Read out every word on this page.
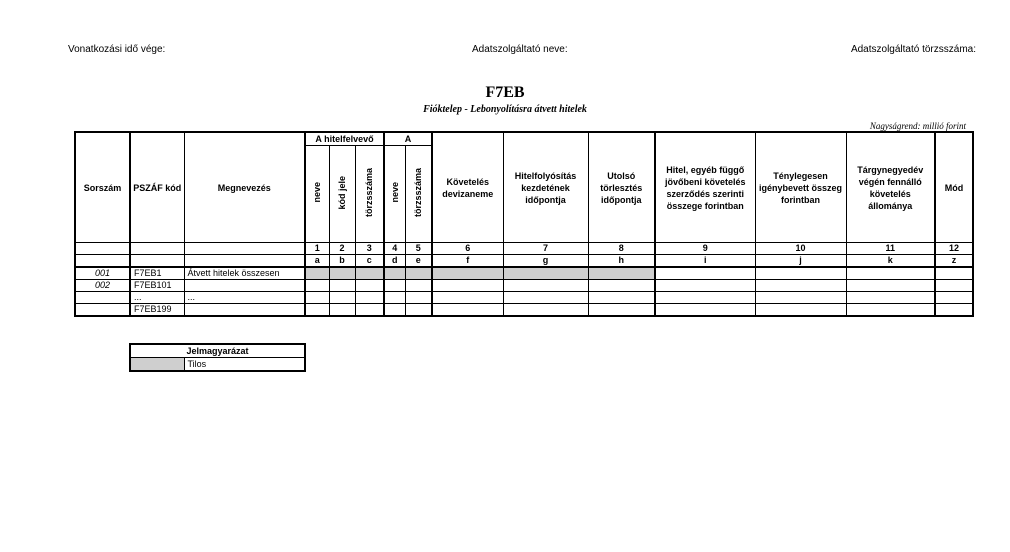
Vonatkozási idő vége:	Adatszolgáltató neve:	Adatszolgáltató törzsszáma:
F7EB
Fióktelep - Lebonyolításra átvett hitelek
Nagyságrend: millió forint
Sorszám	PSZÁF kód	Megnevezés	A hitelfelvevő			A		Követelés devizaneme	Hitelfolyósítás kezdetének időpontja	Utolsó törlesztés időpontja	Hitel, egyéb függő jövőbeni követelés szerződés szerinti összege forintban	Ténylegesen igénybevett összeg forintban	Tárgynegyedév végén fennálló követelés állománya	Mód
			neve	kód jele	törzsszáma	neve	törzsszáma							
			1	2	3	4	5	6	7	8	9	10	11	12
			a	b	c	d	e	f	g	h	i	j	k	z
001	F7EB1	Átvett hitelek összesen												
002	F7EB101													
	...	...												
	F7EB199													
Jelmagyarázat
	Tilos
